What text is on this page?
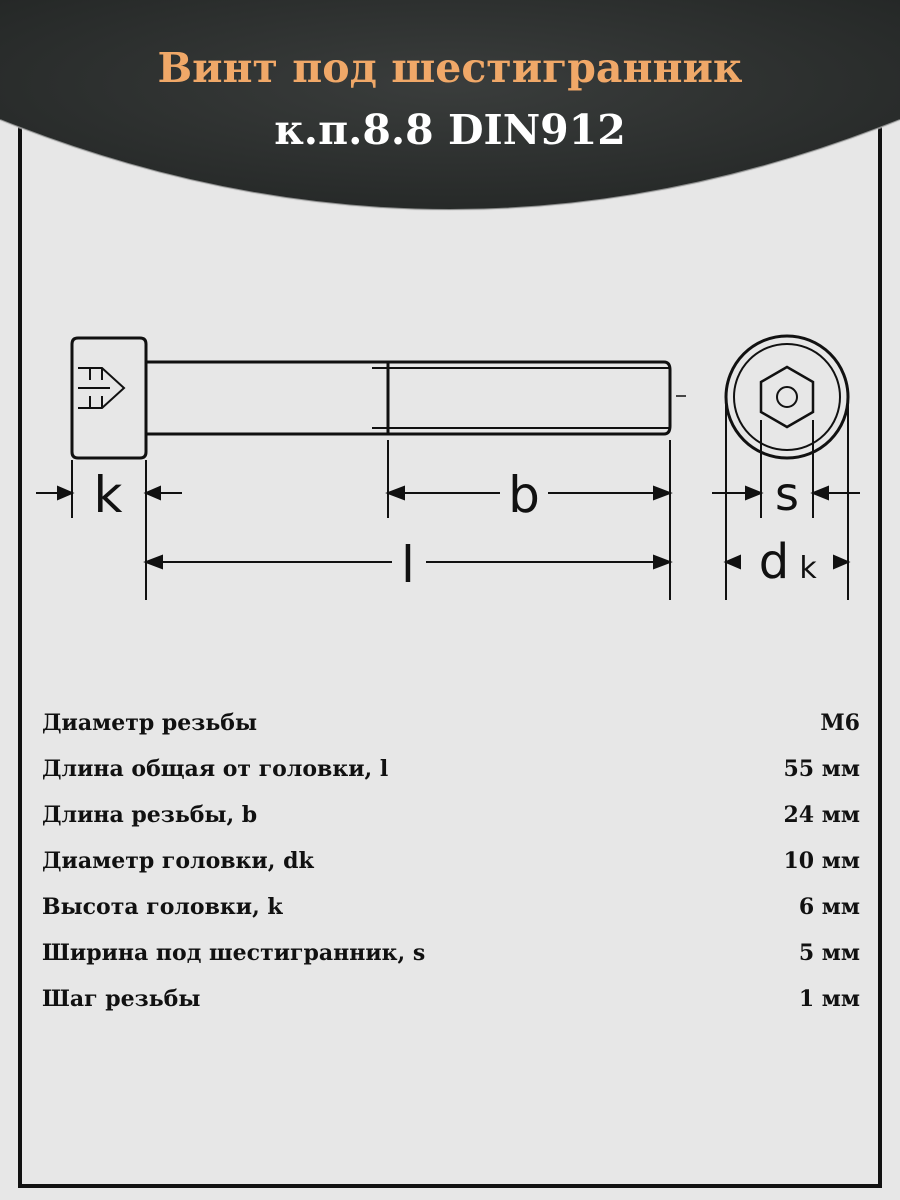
Винт под шестигранник
к.п.8.8 DIN912
k	b
l
s
d k
Диаметр резьбы	M6
Длина общая от головки, l	55 мм
Длина резьбы, b	24 мм
Диаметр головки, dk	10 мм
Высота головки, k	6 мм
Ширина под шестигранник, s	5 мм
Шаг резьбы	1 мм
